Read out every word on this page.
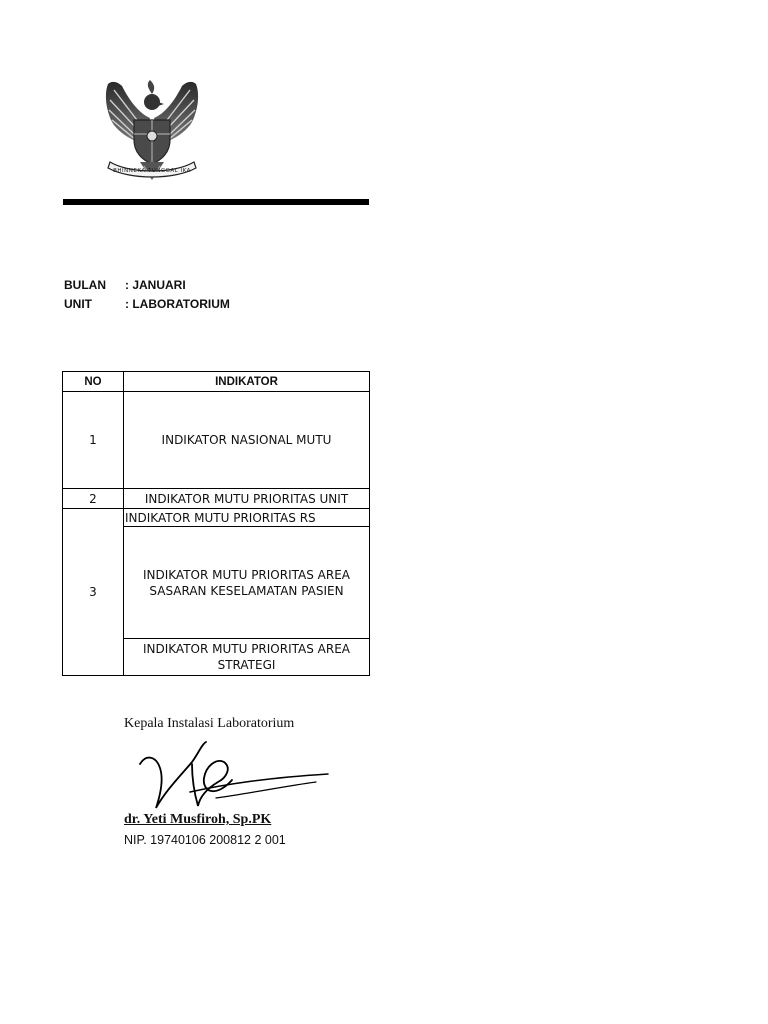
BHINNEKA TUNGGAL IKA
BULAN : JANUARI
UNIT	: LABORATORIUM
NO	INDIKATOR
1	INDIKATOR NASIONAL MUTU
2	INDIKATOR MUTU PRIORITAS UNIT
3	INDIKATOR MUTU PRIORITAS RS
	INDIKATOR MUTU PRIORITAS AREA SASARAN KESELAMATAN PASIEN
	INDIKATOR MUTU PRIORITAS AREA STRATEGI
Kepala Instalasi Laboratorium
dr. Yeti Musfiroh, Sp.PK
NIP. 19740106 200812 2 001
